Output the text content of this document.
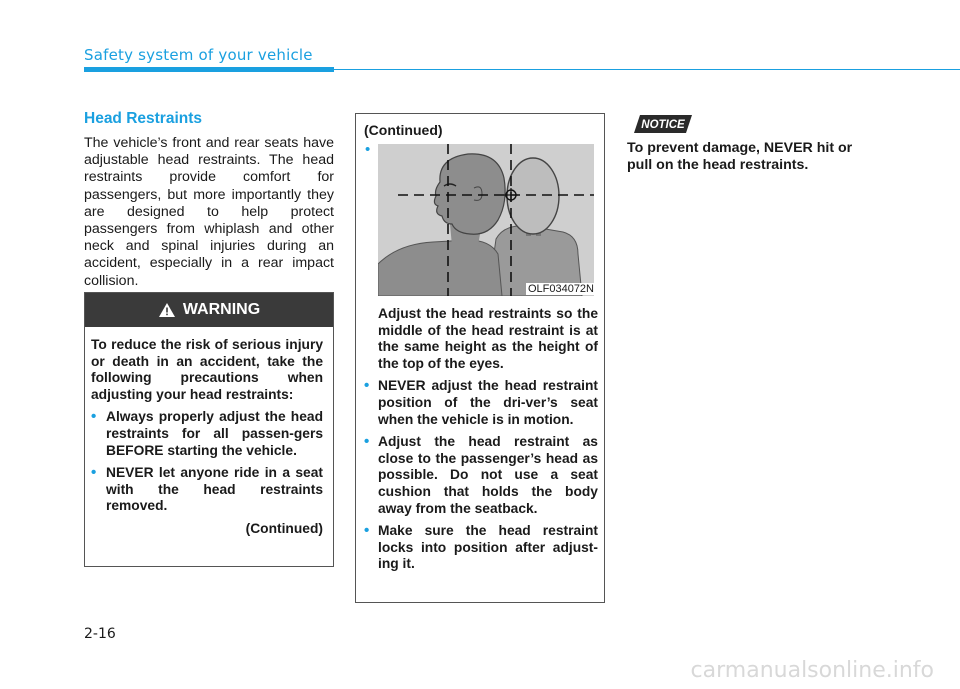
Safety system of your vehicle
Head Restraints
The vehicle’s front and rear seats have adjustable head restraints. The head restraints provide comfort for passengers, but more importantly they are designed to help protect passengers from whiplash and other neck and spinal injuries during an accident, especially in a rear impact collision.
WARNING

To reduce the risk of serious injury or death in an accident, take the following precautions when adjusting your head restraints:

• Always properly adjust the head restraints for all passen-gers BEFORE starting the vehicle.
• NEVER let anyone ride in a seat with the head restraints removed.
(Continued)
(Continued)
•
OLF034072N

Adjust the head restraints so the middle of the head restraint is at the same height as the height of the top of the eyes.

• NEVER adjust the head restraint position of the dri-ver’s seat when the vehicle is in motion.
• Adjust the head restraint as close to the passenger’s head as possible. Do not use a seat cushion that holds the body away from the seatback.
• Make sure the head restraint locks into position after adjust-ing it.
NOTICE
To prevent damage, NEVER hit or pull on the head restraints.
2-16
carmanualsonline.info
